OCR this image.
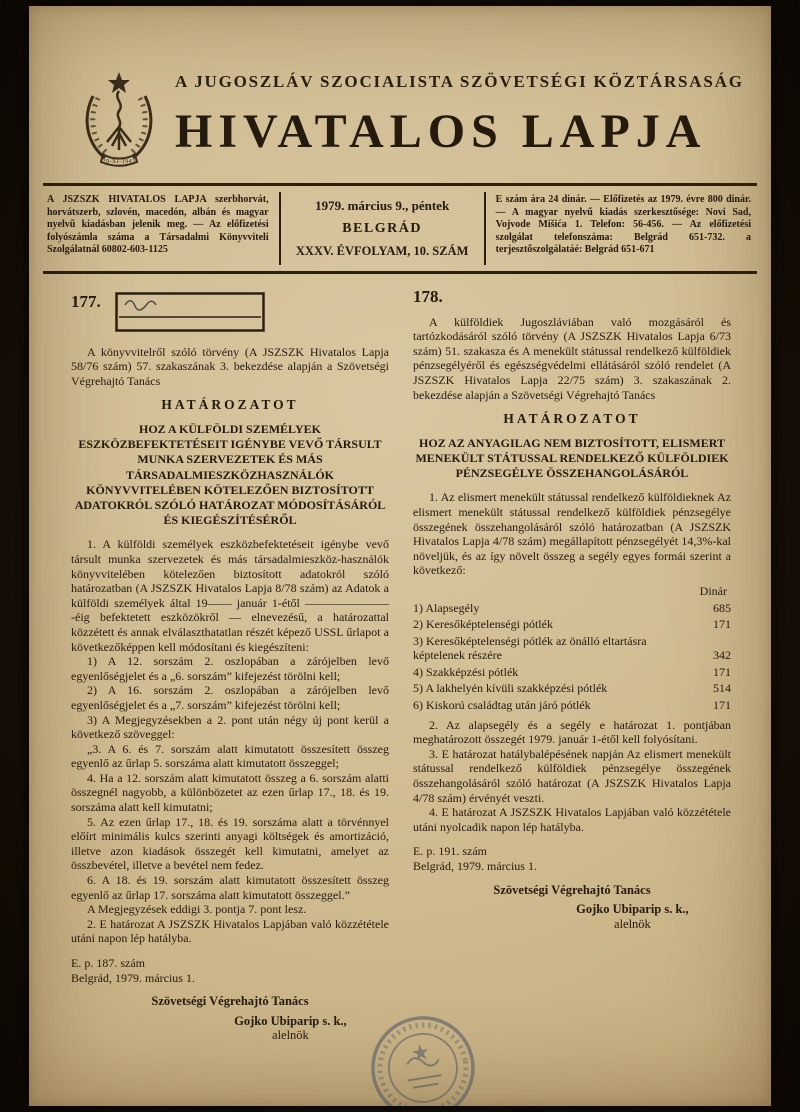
29-XI-1943
A JUGOSZLÁV SZOCIALISTA SZÖVETSÉGI KÖZTÁRSASÁG
HIVATALOS LAPJA
A JSZSZK HIVATALOS LAPJA szerbhorvát, horvátszerb, szlovén, macedón, albán és magyar nyelvű kiadásban jelenik meg. — Az előfizetési folyószámla száma a Társadalmi Könyvviteli Szolgálatnál 60802-603-1125
1979. március 9., péntek
BELGRÁD
XXXV. ÉVFOLYAM, 10. SZÁM
E szám ára 24 dinár. — Előfizetés az 1979. évre 800 dinár. — A magyar nyelvű kiadás szerkesztősége: Novi Sad, Vojvode Mišića 1. Telefon: 56-456. — Az előfizetési szolgálat telefonszáma: Belgrád 651-732. a terjesztőszolgálatáé: Belgrád 651-671
177.

A könyvvitelről szóló törvény (A JSZSZK Hivatalos Lapja 58/76 szám) 57. szakaszának 3. bekezdése alapján a Szövetségi Végrehajtó Tanács

HATÁROZATOT
HOZ A KÜLFÖLDI SZEMÉLYEK ESZKÖZBEFEKTETÉSEIT IGÉNYBE VEVŐ TÁRSULT MUNKA SZERVEZETEK ÉS MÁS TÁRSADALMIESZKÖZHASZNÁLÓK KÖNYVVITELÉBEN KÖTELEZŐEN BIZTOSÍTOTT ADATOKRÓL SZÓLÓ HATÁROZAT MÓDOSÍTÁSÁRÓL ÉS KIEGÉSZÍTÉSÉRŐL

1. A külföldi személyek eszközbefektetéseit igénybe vevő társult munka szervezetek és más társadalmieszköz-használók könyvvitelében kötelezően biztosított adatokról szóló határozatban (A JSZSZK Hivatalos Lapja 8/78 szám) az Adatok a külföldi személyek által 19—— január 1-étől ——————— -éig befektetett eszközökről — elnevezésű, a határozattal közzétett és annak elválaszthatatlan részét képező USSL űrlapot a következőképpen kell módosítani és kiegészíteni:

1) A 12. sorszám 2. oszlopában a zárójelben levő egyenlőségjelet és a „6. sorszám” kifejezést törölni kell;

2) A 16. sorszám 2. oszlopában a zárójelben levő egyenlőségjelet és a „7. sorszám” kifejezést törölni kell;

3) A Megjegyzésekben a 2. pont után négy új pont kerül a következő szöveggel:

„3. A 6. és 7. sorszám alatt kimutatott összesített összeg egyenlő az űrlap 5. sorszáma alatt kimutatott összeggel;

4. Ha a 12. sorszám alatt kimutatott összeg a 6. sorszám alatti összegnél nagyobb, a különbözetet az ezen űrlap 17., 18. és 19. sorszáma alatt kell kimutatni;

5. Az ezen űrlap 17., 18. és 19. sorszáma alatt a törvénnyel előírt minimális kulcs szerinti anyagi költségek és amortizáció, illetve azon kiadások összegét kell kimutatni, amelyet az összbevétel, illetve a bevétel nem fedez.

6. A 18. és 19. sorszám alatt kimutatott összesített összeg egyenlő az űrlap 17. sorszáma alatt kimutatott összeggel.”

A Megjegyzések eddigi 3. pontja 7. pont lesz.

2. E határozat A JSZSZK Hivatalos Lapjában való közzététele utáni napon lép hatályba.

E. p. 187. szám

Belgrád, 1979. március 1.

Szövetségi Végrehajtó Tanács

Gojko Ubiparip s. k.,
alelnök
178.

A külföldiek Jugoszláviában való mozgásáról és tartózkodásáról szóló törvény (A JSZSZK Hivatalos Lapja 6/73 szám) 51. szakasza és A menekült státussal rendelkező külföldiek pénzsegélyéről és egészségvédelmi ellátásáról szóló rendelet (A JSZSZK Hivatalos Lapja 22/75 szám) 3. szakaszának 2. bekezdése alapján a Szövetségi Végrehajtó Tanács

HATÁROZATOT
HOZ AZ ANYAGILAG NEM BIZTOSÍTOTT, ELISMERT MENEKÜLT STÁTUSSAL RENDELKEZŐ KÜLFÖLDIEK PÉNZSEGÉLYE ÖSSZEHANGOLÁSÁRÓL

1. Az elismert menekült státussal rendelkező külföldieknek Az elismert menekült státussal rendelkező külföldiek pénzsegélye összegének összehangolásáról szóló határozatban (A JSZSZK Hivatalos Lapja 4/78 szám) megállapított pénzsegélyét 14,3%-kal növeljük, és az így növelt összeg a segély egyes formái szerint a következő:

Dinár
1) Alapsegély	685
2) Keresőképtelenségi pótlék	171
3) Keresőképtelenségi pótlék az önálló eltartásra képtelenek részére	342
4) Szakképzési pótlék	171
5) A lakhelyén kívüli szakképzési pótlék	514
6) Kiskorú családtag után járó pótlék	171

2. Az alapsegély és a segély e határozat 1. pontjában meghatározott összegét 1979. január 1-étől kell folyósítani.

3. E határozat hatálybalépésének napján Az elismert menekült státussal rendelkező külföldiek pénzsegélye összegének összehangolásáról szóló határozat (A JSZSZK Hivatalos Lapja 4/78 szám) érvényét veszti.

4. E határozat A JSZSZK Hivatalos Lapjában való közzététele utáni nyolcadik napon lép hatályba.

E. p. 191. szám

Belgrád, 1979. március 1.

Szövetségi Végrehajtó Tanács

Gojko Ubiparip s. k.,
alelnök
